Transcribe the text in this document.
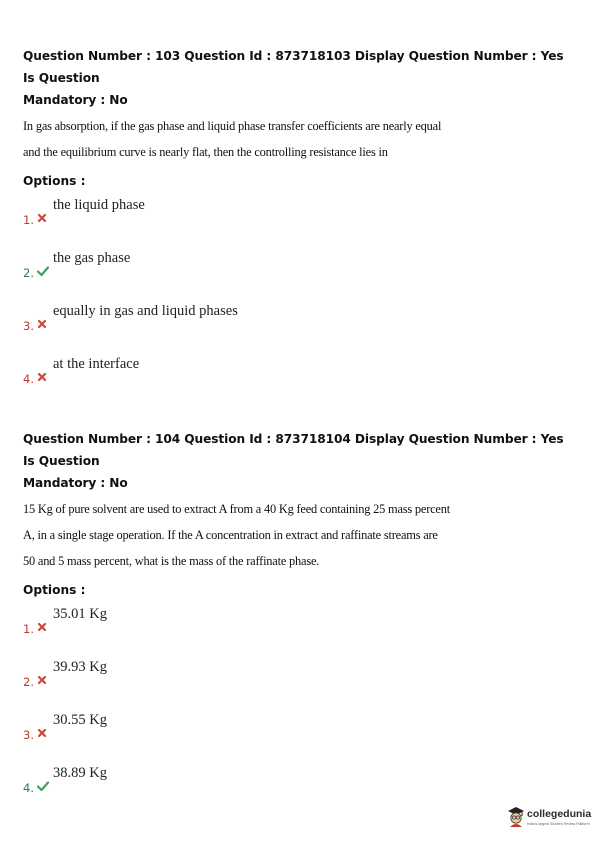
Question Number : 103 Question Id : 873718103 Display Question Number : Yes Is Question
Mandatory : No

In gas absorption, if the gas phase and liquid phase transfer coefficients are nearly equal

and the equilibrium curve is nearly flat, then the controlling resistance lies in

Options :
1.
the liquid phase
2.
the gas phase
3.
equally in gas and liquid phases
4.
at the interface
Question Number : 104 Question Id : 873718104 Display Question Number : Yes Is Question
Mandatory : No

15 Kg of pure solvent are used to extract A from a 40 Kg feed containing 25 mass percent

A, in a single stage operation. If the A concentration in extract and raffinate streams are

50 and 5 mass percent, what is the mass of the raffinate phase.

Options :
1.
35.01 Kg
2.
39.93 Kg
3.
30.55 Kg
4.
38.89 Kg
collegedunia
India's largest Student Review Platform
